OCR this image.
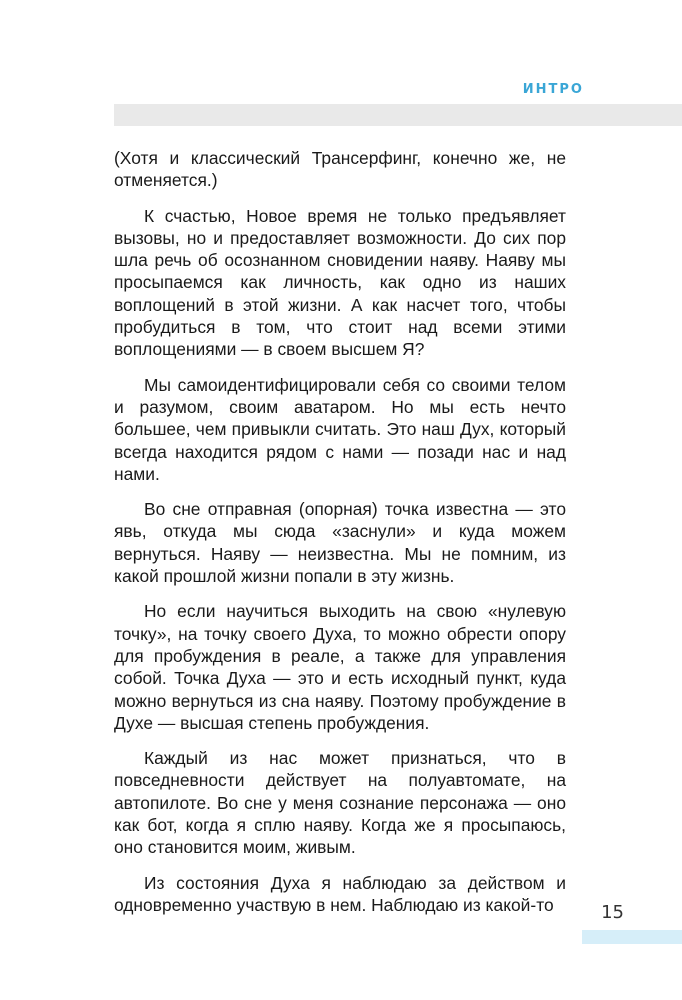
ИНТРО

(Хотя и классический Трансерфинг, конечно же, не отменяется.)

К счастью, Новое время не только предъявляет вызовы, но и предоставляет возможности. До сих пор шла речь об осознанном сновидении наяву. Наяву мы просыпаемся как личность, как одно из наших воплощений в этой жизни. А как насчет того, чтобы пробудиться в том, что стоит над всеми этими воплощениями — в своем высшем Я?

Мы самоидентифицировали себя со своими телом и разумом, своим аватаром. Но мы есть нечто большее, чем привыкли считать. Это наш Дух, который всегда находится рядом с нами — позади нас и над нами.

Во сне отправная (опорная) точка известна — это явь, откуда мы сюда «заснули» и куда можем вернуться. Наяву — неизвестна. Мы не помним, из какой прошлой жизни попали в эту жизнь.

Но если научиться выходить на свою «нулевую точку», на точку своего Духа, то можно обрести опору для пробуждения в реале, а также для управления собой. Точка Духа — это и есть исходный пункт, куда можно вернуться из сна наяву. Поэтому пробуждение в Духе — высшая степень пробуждения.

Каждый из нас может признаться, что в повседневности действует на полуавтомате, на автопилоте. Во сне у меня сознание персонажа — оно как бот, когда я сплю наяву. Когда же я просыпаюсь, оно становится моим, живым.

Из состояния Духа я наблюдаю за действом и одновременно участвую в нем. Наблюдаю из какой-то	15
